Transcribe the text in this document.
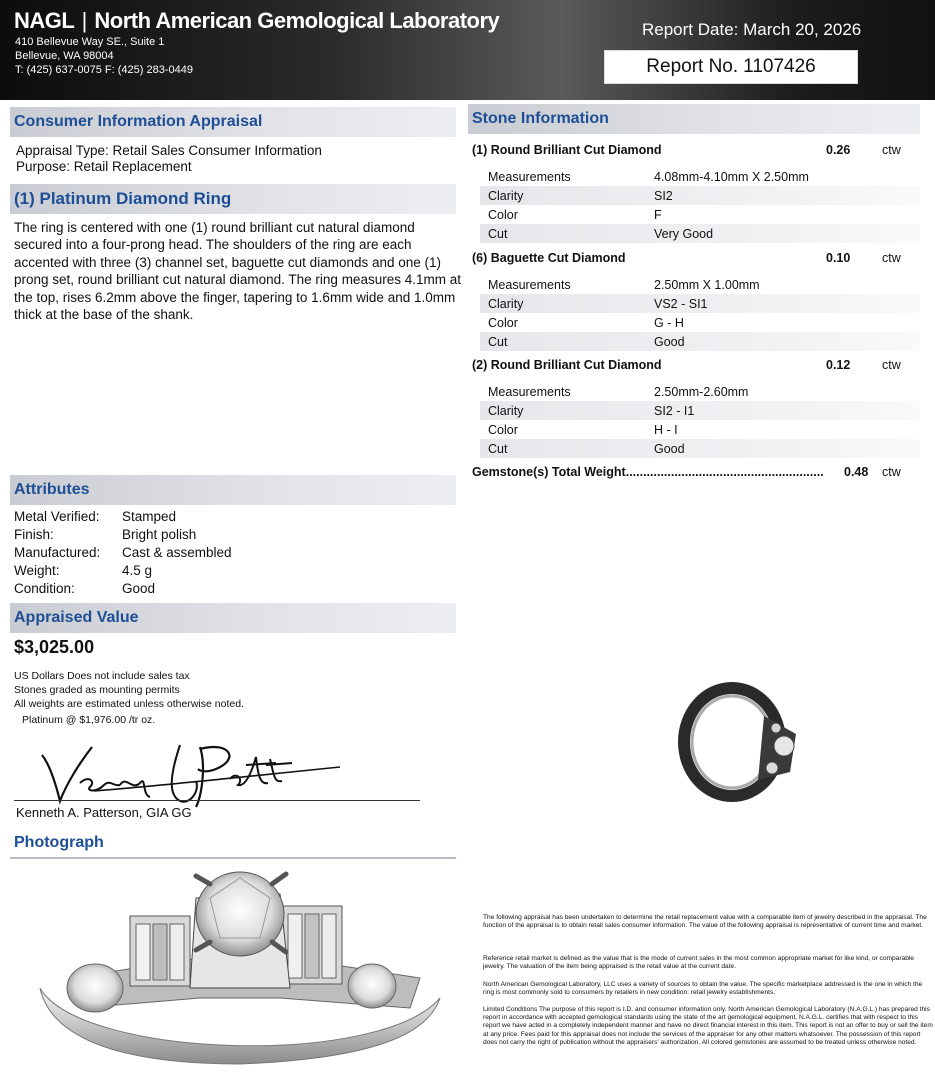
NAGL | North American Gemological Laboratory
410 Bellevue Way SE., Suite 1
Bellevue, WA 98004
T: (425) 637-0075 F: (425) 283-0449
Report Date: March 20, 2026
Report No. 1107426
Consumer Information Appraisal
Appraisal Type: Retail Sales Consumer Information
Purpose: Retail Replacement
(1) Platinum Diamond Ring
The ring is centered with one (1) round brilliant cut natural diamond secured into a four-prong head. The shoulders of the ring are each accented with three (3) channel set, baguette cut diamonds and one (1) prong set, round brilliant cut natural diamond. The ring measures 4.1mm at the top, rises 6.2mm above the finger, tapering to 1.6mm wide and 1.0mm thick at the base of the shank.
Attributes
Metal Verified:	Stamped
Finish:	Bright polish
Manufactured:	Cast & assembled
Weight:	4.5 g
Condition:	Good
Appraised Value
$3,025.00
US Dollars Does not include sales tax
Stones graded as mounting permits
All weights are estimated unless otherwise noted.
Platinum @ $1,976.00 /tr oz.
Kenneth A. Patterson, GIA GG
Photograph
Stone Information
(1) Round Brilliant Cut Diamond	0.26	ctw
Measurements	4.08mm-4.10mm X 2.50mm
Clarity	SI2
Color	F
Cut	Very Good
(6) Baguette Cut Diamond	0.10	ctw
Measurements	2.50mm X 1.00mm
Clarity	VS2 - SI1
Color	G - H
Cut	Good
(2) Round Brilliant Cut Diamond	0.12	ctw
Measurements	2.50mm-2.60mm
Clarity	SI2 - I1
Color	H - I
Cut	Good
Gemstone(s) Total Weight.........................................................	0.48	ctw
The following appraisal has been undertaken to determine the retail replacement value with a comparable item of jewelry described in the appraisal. The function of the appraisal is to obtain retail sales consumer information. The value of the following appraisal is representative of current time and market.
Reference retail market is defined as the value that is the mode of current sales in the most common appropriate market for like kind, or comparable jewelry. The valuation of the item being appraised is the retail value at the current date.
North American Gemological Laboratory, LLC uses a variety of sources to obtain the value. The specific marketplace addressed is the one in which the ring is most commonly sold to consumers by retailers in new condition: retail jewelry establishments.
Limited Conditions The purpose of this report is I.D. and consumer information only. North American Gemological Laboratory (N.A.G.L.) has prepared this report in accordance with accepted gemological standards using the state of the art gemological equipment. N.A.G.L. certifies that with respect to this report we have acted in a completely independent manner and have no direct financial interest in this item. This report is not an offer to buy or sell the item at any price. Fees paid for this appraisal does not include the services of the appraiser for any other matters whatsoever. The possession of this report does not carry the right of publication without the appraisers' authorization. All colored gemstones are assumed to be treated unless otherwise noted.
